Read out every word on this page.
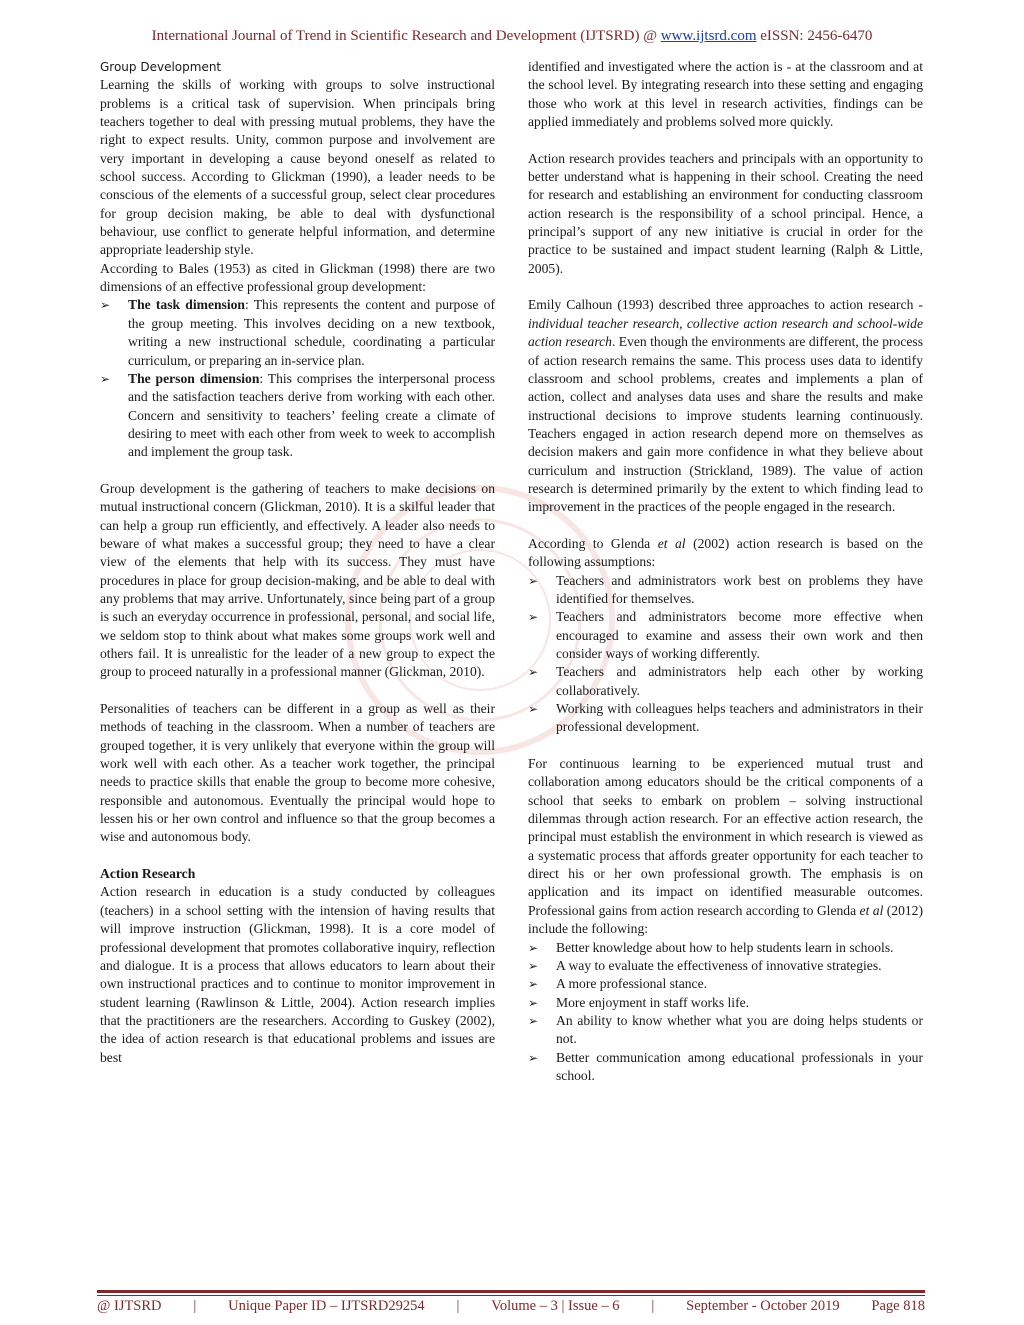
International Journal of Trend in Scientific Research and Development (IJTSRD) @ www.ijtsrd.com eISSN: 2456-6470

Group Development

Learning the skills of working with groups to solve instructional problems is a critical task of supervision. When principals bring teachers together to deal with pressing mutual problems, they have the right to expect results. Unity, common purpose and involvement are very important in developing a cause beyond oneself as related to school success. According to Glickman (1990), a leader needs to be conscious of the elements of a successful group, select clear procedures for group decision making, be able to deal with dysfunctional behaviour, use conflict to generate helpful information, and determine appropriate leadership style.

According to Bales (1953) as cited in Glickman (1998) there are two dimensions of an effective professional group development:

➢ The task dimension: This represents the content and purpose of the group meeting. This involves deciding on a new textbook, writing a new instructional schedule, coordinating a particular curriculum, or preparing an in-service plan.
➢ The person dimension: This comprises the interpersonal process and the satisfaction teachers derive from working with each other. Concern and sensitivity to teachers’ feeling create a climate of desiring to meet with each other from week to week to accomplish and implement the group task.

Group development is the gathering of teachers to make decisions on mutual instructional concern (Glickman, 2010). It is a skilful leader that can help a group run efficiently, and effectively. A leader also needs to beware of what makes a successful group; they need to have a clear view of the elements that help with its success. They must have procedures in place for group decision-making, and be able to deal with any problems that may arrive. Unfortunately, since being part of a group is such an everyday occurrence in professional, personal, and social life, we seldom stop to think about what makes some groups work well and others fail. It is unrealistic for the leader of a new group to expect the group to proceed naturally in a professional manner (Glickman, 2010).

Personalities of teachers can be different in a group as well as their methods of teaching in the classroom. When a number of teachers are grouped together, it is very unlikely that everyone within the group will work well with each other. As a teacher work together, the principal needs to practice skills that enable the group to become more cohesive, responsible and autonomous. Eventually the principal would hope to lessen his or her own control and influence so that the group becomes a wise and autonomous body.

Action Research

Action research in education is a study conducted by colleagues (teachers) in a school setting with the intension of having results that will improve instruction (Glickman, 1998). It is a core model of professional development that promotes collaborative inquiry, reflection and dialogue. It is a process that allows educators to learn about their own instructional practices and to continue to monitor improvement in student learning (Rawlinson & Little, 2004). Action research implies that the practitioners are the researchers. According to Guskey (2002), the idea of action research is that educational problems and issues are best

identified and investigated where the action is - at the classroom and at the school level. By integrating research into these setting and engaging those who work at this level in research activities, findings can be applied immediately and problems solved more quickly.

Action research provides teachers and principals with an opportunity to better understand what is happening in their school. Creating the need for research and establishing an environment for conducting classroom action research is the responsibility of a school principal. Hence, a principal’s support of any new initiative is crucial in order for the practice to be sustained and impact student learning (Ralph & Little, 2005).

Emily Calhoun (1993) described three approaches to action research - individual teacher research, collective action research and school-wide action research. Even though the environments are different, the process of action research remains the same. This process uses data to identify classroom and school problems, creates and implements a plan of action, collect and analyses data uses and share the results and make instructional decisions to improve students learning continuously. Teachers engaged in action research depend more on themselves as decision makers and gain more confidence in what they believe about curriculum and instruction (Strickland, 1989). The value of action research is determined primarily by the extent to which finding lead to improvement in the practices of the people engaged in the research.

According to Glenda et al (2002) action research is based on the following assumptions:

➢ Teachers and administrators work best on problems they have identified for themselves.
➢ Teachers and administrators become more effective when encouraged to examine and assess their own work and then consider ways of working differently.
➢ Teachers and administrators help each other by working collaboratively.
➢ Working with colleagues helps teachers and administrators in their professional development.

For continuous learning to be experienced mutual trust and collaboration among educators should be the critical components of a school that seeks to embark on problem – solving instructional dilemmas through action research. For an effective action research, the principal must establish the environment in which research is viewed as a systematic process that affords greater opportunity for each teacher to direct his or her own professional growth. The emphasis is on application and its impact on identified measurable outcomes. Professional gains from action research according to Glenda et al (2012) include the following:

➢ Better knowledge about how to help students learn in schools.
➢ A way to evaluate the effectiveness of innovative strategies.
➢ A more professional stance.
➢ More enjoyment in staff works life.
➢ An ability to know whether what you are doing helps students or not.
➢ Better communication among educational professionals in your school.
@ IJTSRD | Unique Paper ID – IJTSRD29254 | Volume – 3 | Issue – 6 | September - October 2019 Page 818
